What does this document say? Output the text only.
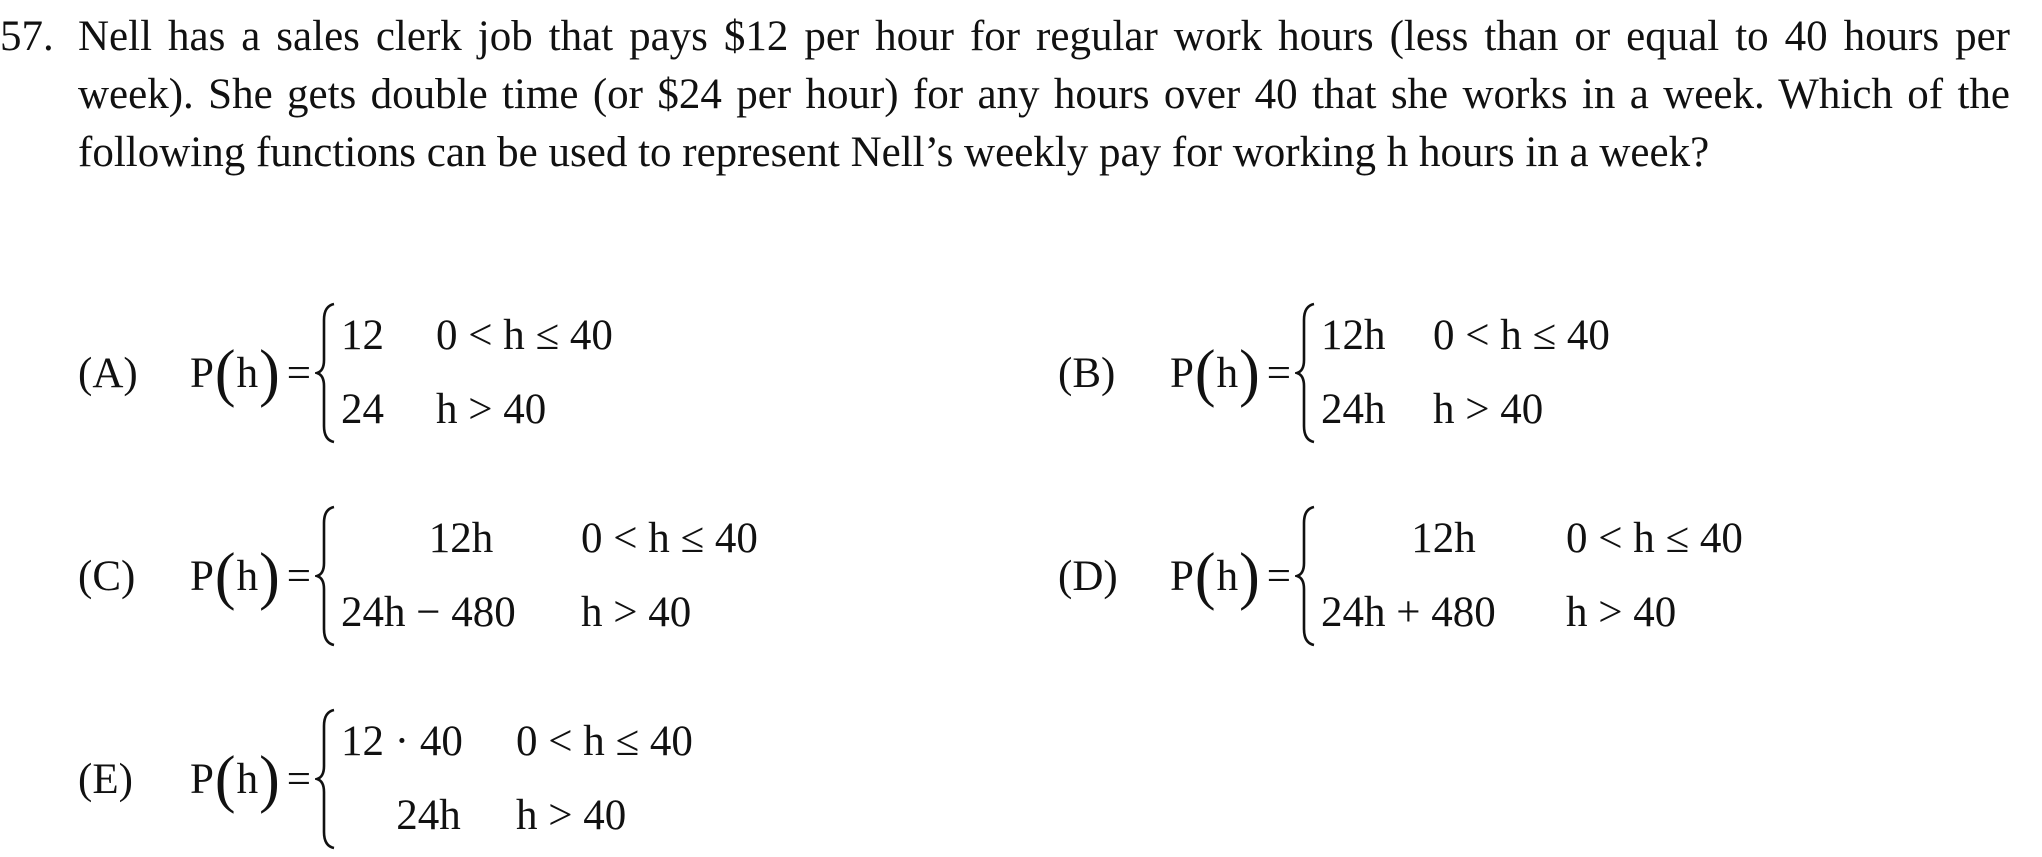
57. Nell has a sales clerk job that pays $12 per hour for regular work hours (less than or equal to 40 hours per week). She gets double time (or $24 per hour) for any hours over 40 that she works in a week. Which of the following functions can be used to represent Nell’s weekly pay for working h hours in a week?
(A)	P ( h ) =
12	0 < h ≤ 40
24	h > 40
(B)	P ( h ) =
12h	0 < h ≤ 40
24h	h > 40
(C)	P ( h ) =
12h	0 < h ≤ 40
24h − 480	h > 40
(D)	P ( h ) =
12h	0 < h ≤ 40
24h + 480	h > 40
(E)	P ( h ) =
12 · 40	0 < h ≤ 40
24h	h > 40
